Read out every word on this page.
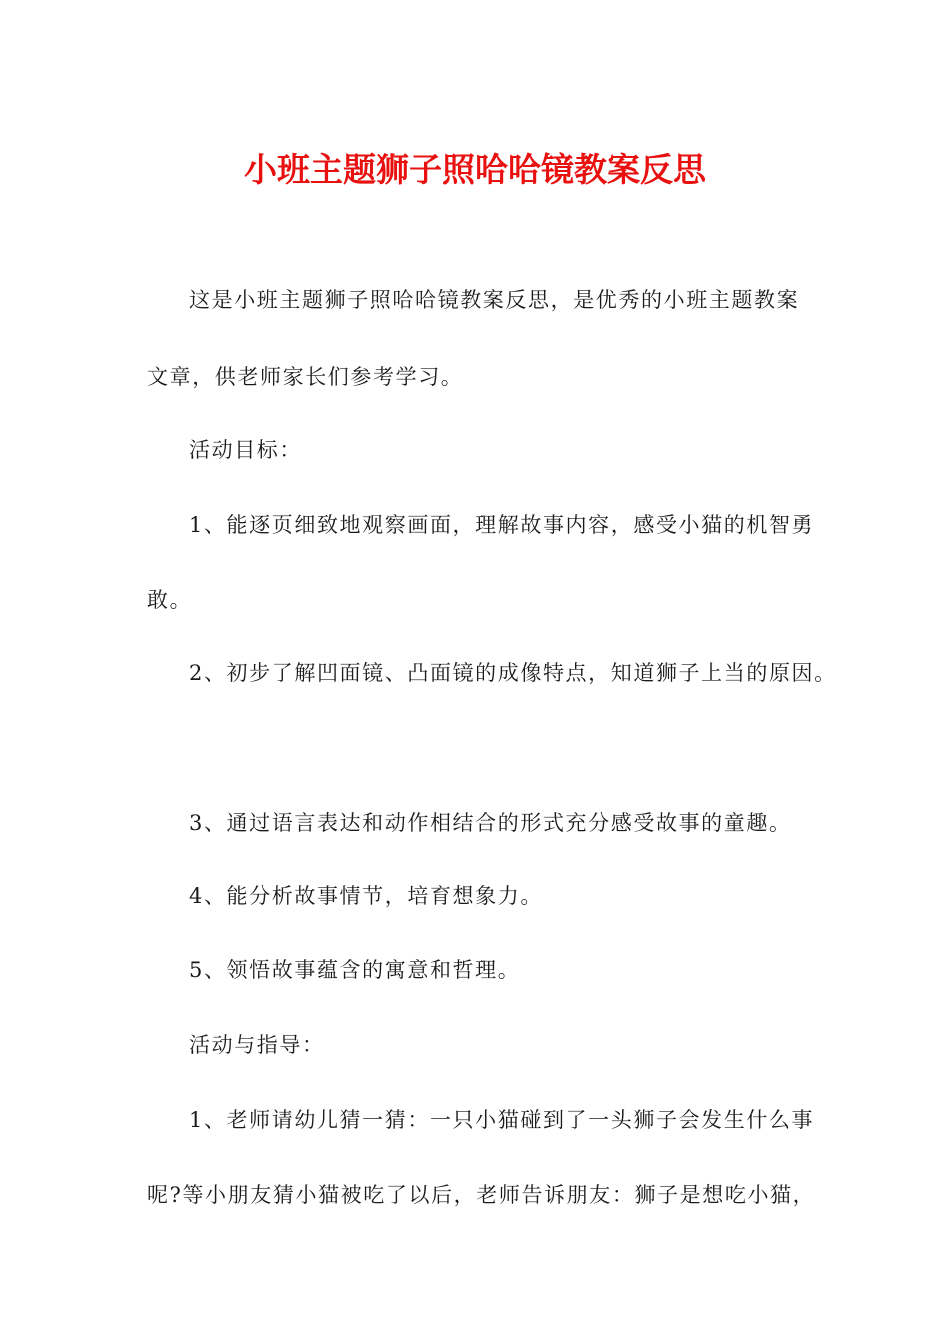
小班主题狮子照哈哈镜教案反思

这是小班主题狮子照哈哈镜教案反思，是优秀的小班主题教案

文章，供老师家长们参考学习。

活动目标：

1、能逐页细致地观察画面，理解故事内容，感受小猫的机智勇

敢。

2、初步了解凹面镜、凸面镜的成像特点，知道狮子上当的原因。

3、通过语言表达和动作相结合的形式充分感受故事的童趣。

4、能分析故事情节，培育想象力。

5、领悟故事蕴含的寓意和哲理。

活动与指导：

1、老师请幼儿猜一猜：一只小猫碰到了一头狮子会发生什么事

呢?等小朋友猜小猫被吃了以后，老师告诉朋友：狮子是想吃小猫，
